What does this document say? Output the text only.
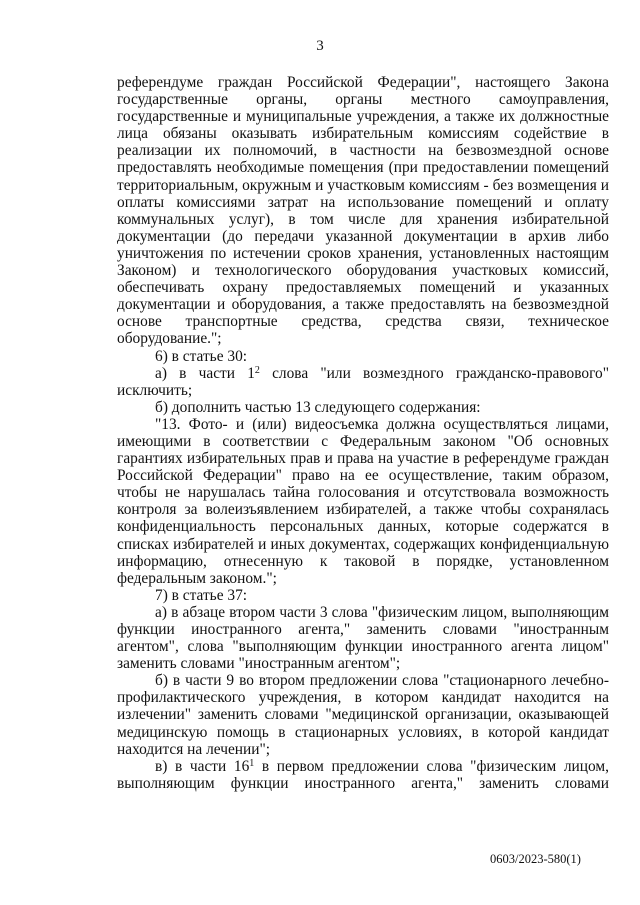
3

референдуме граждан Российской Федерации", настоящего Закона государственные органы, органы местного самоуправления, государственные и муниципальные учреждения, а также их должностные лица обязаны оказывать избирательным комиссиям содействие в реализации их полномочий, в частности на безвозмездной основе предоставлять необходимые помещения (при предоставлении помещений территориальным, окружным и участковым комиссиям - без возмещения и оплаты комиссиями затрат на использование помещений и оплату коммунальных услуг), в том числе для хранения избирательной документации (до передачи указанной документации в архив либо уничтожения по истечении сроков хранения, установленных настоящим Законом) и технологического оборудования участковых комиссий, обеспечивать охрану предоставляемых помещений и указанных документации и оборудования, а также предоставлять на безвозмездной основе транспортные средства, средства связи, техническое оборудование.";

6) в статье 30:

а) в части $1^2$ слова "или возмездного гражданско-правового" исключить;

б) дополнить частью 13 следующего содержания:

"13. Фото- и (или) видеосъемка должна осуществляться лицами, имеющими в соответствии с Федеральным законом "Об основных гарантиях избирательных прав и права на участие в референдуме граждан Российской Федерации" право на ее осуществление, таким образом, чтобы не нарушалась тайна голосования и отсутствовала возможность контроля за волеизъявлением избирателей, а также чтобы сохранялась конфиденциальность персональных данных, которые содержатся в списках избирателей и иных документах, содержащих конфиденциальную информацию, отнесенную к таковой в порядке, установленном федеральным законом.";

7) в статье 37:

а) в абзаце втором части 3 слова "физическим лицом, выполняющим функции иностранного агента," заменить словами "иностранным агентом", слова "выполняющим функции иностранного агента лицом" заменить словами "иностранным агентом";

б) в части 9 во втором предложении слова "стационарного лечебно-профилактического учреждения, в котором кандидат находится на излечении" заменить словами "медицинской организации, оказывающей медицинскую помощь в стационарных условиях, в которой кандидат находится на лечении";

в) в части $16^1$ в первом предложении слова "физическим лицом, выполняющим функции иностранного агента," заменить словами

0603/2023-580(1)
